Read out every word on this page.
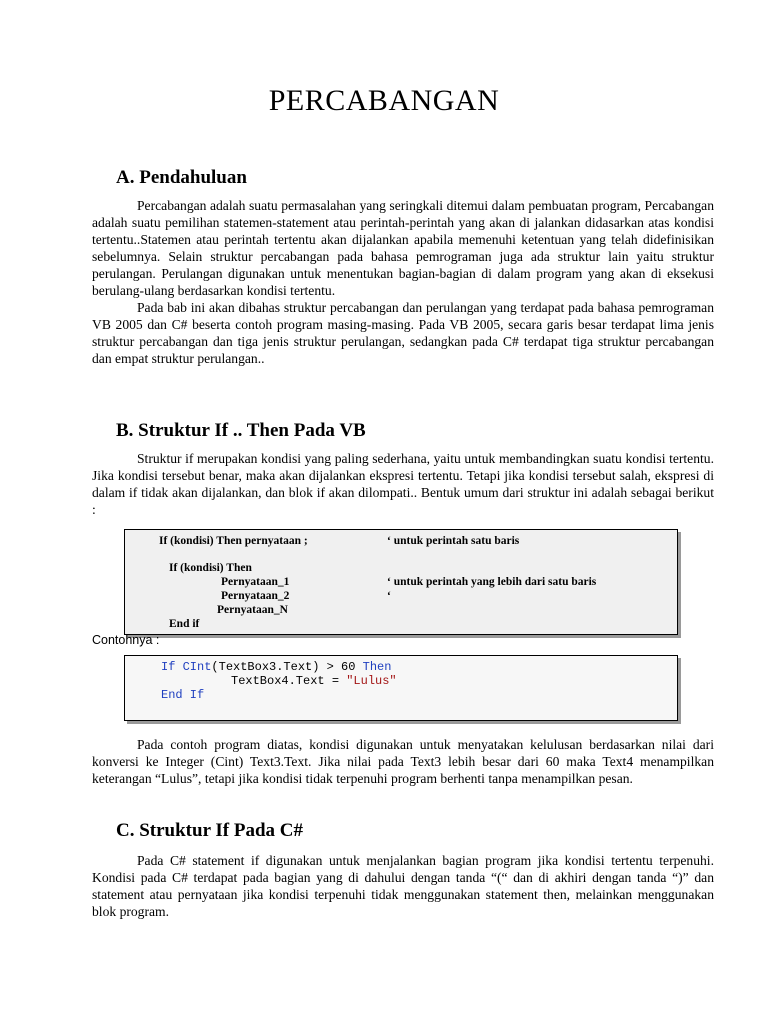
PERCABANGAN
A. Pendahuluan

Percabangan adalah suatu permasalahan yang seringkali ditemui dalam pembuatan program, Percabangan adalah suatu pemilihan statemen-statement atau perintah-perintah yang akan di jalankan didasarkan atas kondisi tertentu..Statemen atau perintah tertentu akan dijalankan apabila memenuhi ketentuan yang telah didefinisikan sebelumnya. Selain struktur percabangan pada bahasa pemrograman juga ada struktur lain yaitu struktur perulangan. Perulangan digunakan untuk menentukan bagian-bagian di dalam program yang akan di eksekusi berulang-ulang berdasarkan kondisi tertentu.

Pada bab ini akan dibahas struktur percabangan dan perulangan yang terdapat pada bahasa pemrograman VB 2005 dan C# beserta contoh program masing-masing. Pada VB 2005, secara garis besar terdapat lima jenis struktur percabangan dan tiga jenis struktur perulangan, sedangkan pada C# terdapat tiga struktur percabangan dan empat struktur perulangan..

B. Struktur If .. Then Pada VB

Struktur if merupakan kondisi yang paling sederhana, yaitu untuk membandingkan suatu kondisi tertentu. Jika kondisi tersebut benar, maka akan dijalankan ekspresi tertentu. Tetapi jika kondisi tersebut salah, ekspresi di dalam if tidak akan dijalankan, dan blok if akan dilompati.. Bentuk umum dari struktur ini adalah sebagai berikut :

If (kondisi) Then pernyataan ;	‘ untuk perintah satu baris
If (kondisi) Then
Pernyataan_1	‘ untuk perintah yang lebih dari satu baris
Pernyataan_2	‘
Pernyataan_N
End if
Contohnya :
If CInt(TextBox3.Text) > 60 Then
TextBox4.Text = "Lulus"
End If

Pada contoh program diatas, kondisi digunakan untuk menyatakan kelulusan berdasarkan nilai dari konversi ke Integer (Cint) Text3.Text. Jika nilai pada Text3 lebih besar dari 60 maka Text4 menampilkan keterangan “Lulus”, tetapi jika kondisi tidak terpenuhi program berhenti tanpa menampilkan pesan.

C. Struktur If Pada C#

Pada C# statement if digunakan untuk menjalankan bagian program jika kondisi tertentu terpenuhi. Kondisi pada C# terdapat pada bagian yang di dahului dengan tanda “(“ dan di akhiri dengan tanda “)” dan statement atau pernyataan jika kondisi terpenuhi tidak menggunakan statement then, melainkan menggunakan blok program.
